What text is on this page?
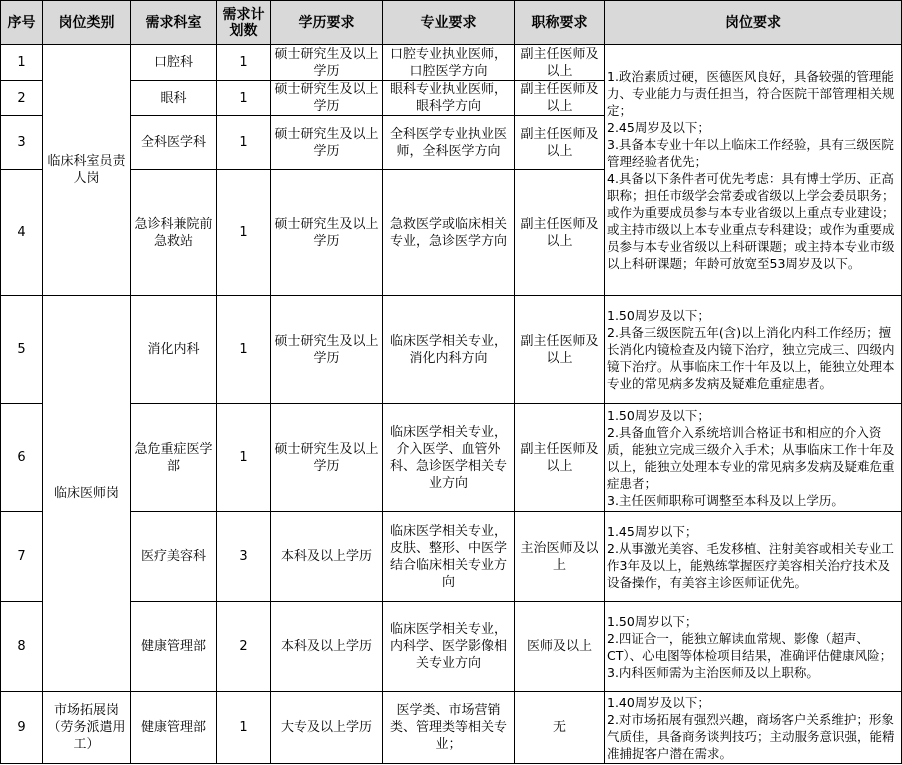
序号	岗位类别	需求科室	需求计划数	学历要求	专业要求	职称要求	岗位要求
1	临床科室员责人岗	口腔科	1	硕士研究生及以上学历	口腔专业执业医师，口腔医学方向	副主任医师及以上	1.政治素质过硬，医德医风良好，具备较强的管理能力、专业能力与责任担当，符合医院干部管理相关规定；
2.45周岁及以下；
3.具备本专业十年以上临床工作经验，具有三级医院管理经验者优先；
4.具备以下条件者可优先考虑：具有博士学历、正高职称；担任市级学会常委或省级以上学会委员职务；或作为重要成员参与本专业省级以上重点专业建设；或主持市级以上本专业重点专科建设；或作为重要成员参与本专业省级以上科研课题；或主持本专业市级以上科研课题；年龄可放宽至53周岁及以下。

2		眼科	1	硕士研究生及以上学历	眼科专业执业医师，眼科学方向	副主任医师及以上	
3		全科医学科	1	硕士研究生及以上学历	全科医学专业执业医师，全科医学方向	副主任医师及以上	
4		急诊科兼院前急救站	1	硕士研究生及以上学历	急救医学或临床相关专业，急诊医学方向	副主任医师及以上	
5	临床医师岗	消化内科	1	硕士研究生及以上学历	临床医学相关专业，消化内科方向	副主任医师及以上	1.50周岁及以下；
2.具备三级医院五年(含)以上消化内科工作经历；擅长消化内镜检查及内镜下治疗，独立完成三、四级内镜下治疗。从事临床工作十年及以上，能独立处理本专业的常见病多发病及疑难危重症患者。

6		急危重症医学部	1	硕士研究生及以上学历	临床医学相关专业，介入医学、血管外科、急诊医学相关专业方向	副主任医师及以上	1.50周岁及以下；
2.具备血管介入系统培训合格证书和相应的介入资质，能独立完成三级介入手术；从事临床工作十年及以上，能独立处理本专业的常见病多发病及疑难危重症患者；
3.主任医师职称可调整至本科及以上学历。

7		医疗美容科	3	本科及以上学历	临床医学相关专业，皮肤、整形、中医学结合临床相关专业方向	主治医师及以上	1.45周岁以下；
2.从事激光美容、毛发移植、注射美容或相关专业工作3年及以上，能熟练掌握医疗美容相关治疗技术及设备操作，有美容主诊医师证优先。

8		健康管理部	2	本科及以上学历	临床医学相关专业，内科学、医学影像相关专业方向	医师及以上	1.50周岁以下；
2.四证合一，能独立解读血常规、影像（超声、CT）、心电图等体检项目结果，准确评估健康风险；
3.内科医师需为主治医师及以上职称。

9	市场拓展岗（劳务派遣用工）	健康管理部	1	大专及以上学历	医学类、市场营销类、管理类等相关专业；	无	1.40周岁及以下；
2.对市场拓展有强烈兴趣，商场客户关系维护；形象气质佳，具备商务谈判技巧；主动服务意识强，能精准捕捉客户潜在需求。
